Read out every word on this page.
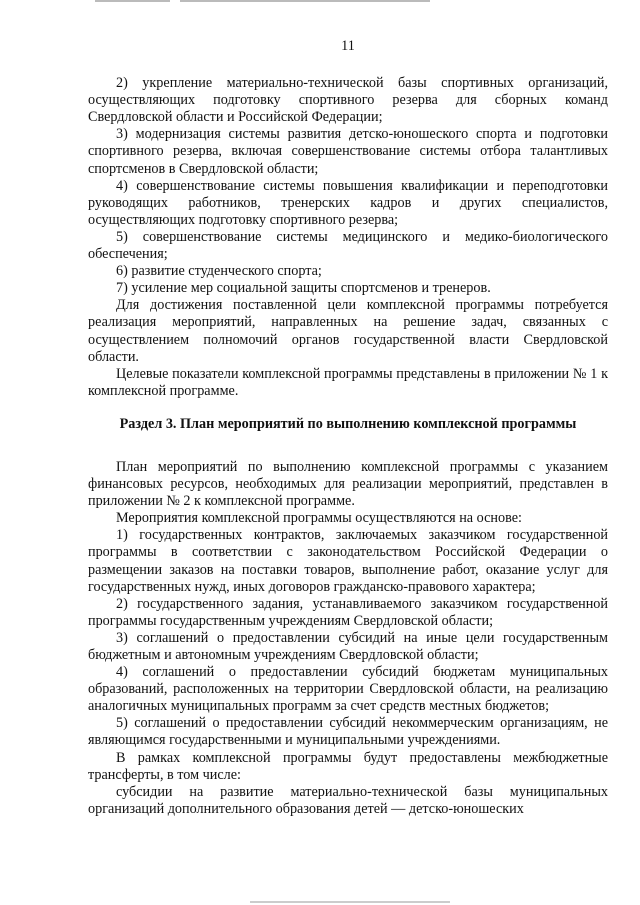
11

2) укрепление материально-технической базы спортивных организаций, осуществляющих подготовку спортивного резерва для сборных команд Свердловской области и Российской Федерации;

3) модернизация системы развития детско-юношеского спорта и подготовки спортивного резерва, включая совершенствование системы отбора талантливых спортсменов в Свердловской области;

4) совершенствование системы повышения квалификации и переподготовки руководящих работников, тренерских кадров и других специалистов, осуществляющих подготовку спортивного резерва;

5) совершенствование системы медицинского и медико-биологического обеспечения;

6) развитие студенческого спорта;

7) усиление мер социальной защиты спортсменов и тренеров.

Для достижения поставленной цели комплексной программы потребуется реализация мероприятий, направленных на решение задач, связанных с осуществлением полномочий органов государственной власти Свердловской области.

Целевые показатели комплексной программы представлены в приложении № 1 к комплексной программе.

Раздел 3. План мероприятий по выполнению комплексной программы

План мероприятий по выполнению комплексной программы с указанием финансовых ресурсов, необходимых для реализации мероприятий, представлен в приложении № 2 к комплексной программе.

Мероприятия комплексной программы осуществляются на основе:

1) государственных контрактов, заключаемых заказчиком государственной программы в соответствии с законодательством Российской Федерации о размещении заказов на поставки товаров, выполнение работ, оказание услуг для государственных нужд, иных договоров гражданско-правового характера;

2) государственного задания, устанавливаемого заказчиком государственной программы государственным учреждениям Свердловской области;

3) соглашений о предоставлении субсидий на иные цели государственным бюджетным и автономным учреждениям Свердловской области;

4) соглашений о предоставлении субсидий бюджетам муниципальных образований, расположенных на территории Свердловской области, на реализацию аналогичных муниципальных программ за счет средств местных бюджетов;

5) соглашений о предоставлении субсидий некоммерческим организациям, не являющимся государственными и муниципальными учреждениями.

В рамках комплексной программы будут предоставлены межбюджетные трансферты, в том числе:

субсидии на развитие материально-технической базы муниципальных организаций дополнительного образования детей — детско-юношеских
